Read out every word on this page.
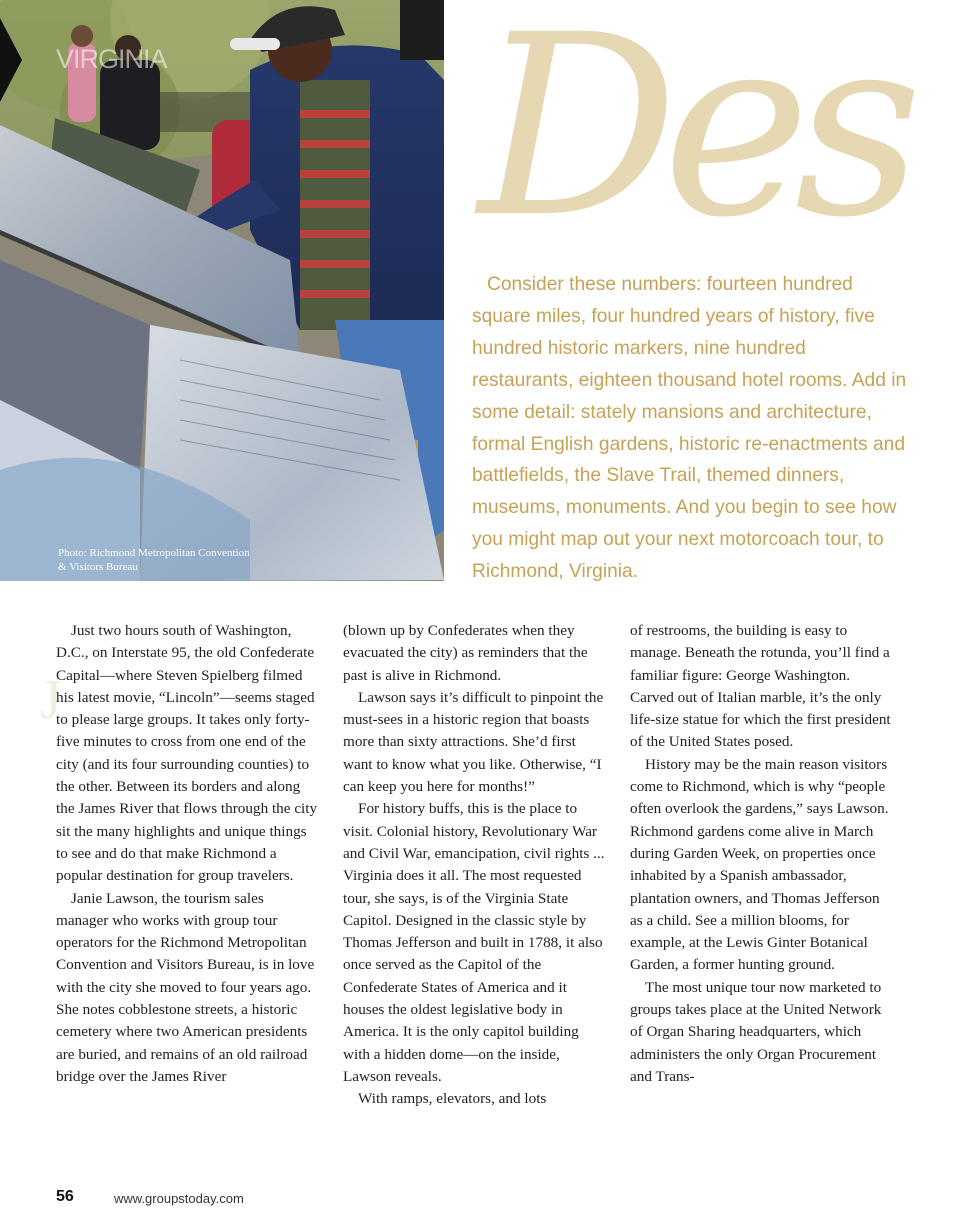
VIRGINIA
Photo: Richmond Metropolitan Convention & Visitors Bureau
Des
Consider these numbers: fourteen hundred square miles, four hundred years of history, five hundred historic markers, nine hundred restaurants, eighteen thousand hotel rooms. Add in some detail: stately mansions and architecture, formal English gardens, historic re-enactments and battlefields, the Slave Trail, themed dinners, museums, monuments. And you begin to see how you might map out your next motorcoach tour, to Richmond, Virginia.
J

Just two hours south of Washington, D.C., on Interstate 95, the old Confederate Capital—where Steven Spielberg filmed his latest movie, “Lincoln”—seems staged to please large groups. It takes only forty-five minutes to cross from one end of the city (and its four surrounding counties) to the other. Between its borders and along the James River that flows through the city sit the many highlights and unique things to see and do that make Richmond a popular destination for group travelers.

Janie Lawson, the tourism sales manager who works with group tour operators for the Richmond Metropolitan Convention and Visitors Bureau, is in love with the city she moved to four years ago. She notes cobblestone streets, a historic cemetery where two American presidents are buried, and remains of an old railroad bridge over the James River

(blown up by Confederates when they evacuated the city) as reminders that the past is alive in Richmond.

Lawson says it’s difficult to pinpoint the must-sees in a historic region that boasts more than sixty attractions. She’d first want to know what you like. Otherwise, “I can keep you here for months!”

For history buffs, this is the place to visit. Colonial history, Revolutionary War and Civil War, emancipation, civil rights ... Virginia does it all. The most requested tour, she says, is of the Virginia State Capitol. Designed in the classic style by Thomas Jefferson and built in 1788, it also once served as the Capitol of the Confederate States of America and it houses the oldest legislative body in America. It is the only capitol building with a hidden dome—on the inside, Lawson reveals.

With ramps, elevators, and lots

of restrooms, the building is easy to manage. Beneath the rotunda, you’ll find a familiar figure: George Washington. Carved out of Italian marble, it’s the only life-size statue for which the first president of the United States posed.

History may be the main reason visitors come to Richmond, which is why “people often overlook the gardens,” says Lawson. Richmond gardens come alive in March during Garden Week, on properties once inhabited by a Spanish ambassador, plantation owners, and Thomas Jefferson as a child. See a million blooms, for example, at the Lewis Ginter Botanical Garden, a former hunting ground.

The most unique tour now marketed to groups takes place at the United Network of Organ Sharing headquarters, which administers the only Organ Procurement and Trans-

56	www.groupstoday.com
